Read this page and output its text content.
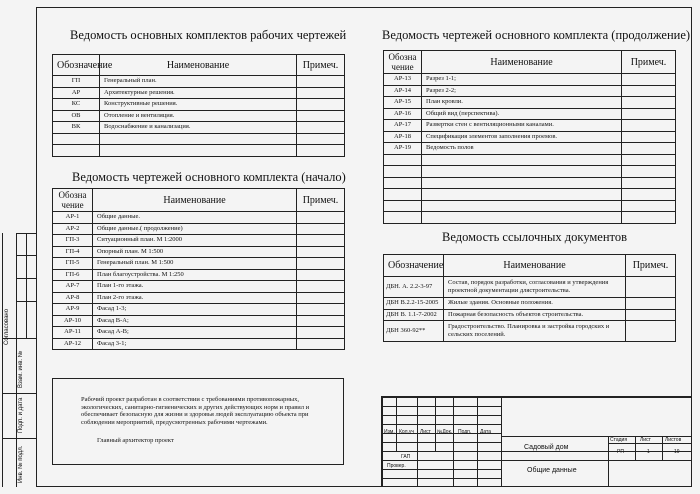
Ведомость основных комплектов рабочих чертежей
Обозначение	Наименование	Примеч.
ГП	Генеральный план.	
АР	Архитектурные решения.	
КС	Конструктивные решения.	
ОВ	Отопление и вентиляция.	
ВК	Водоснабжение и канализация.	

Ведомость чертежей основного комплекта (начало)
Обозна чение	Наименование	Примеч.
АР-1	Общие данные.	
АР-2	Общие данные.( продолжение)	
ГП-3	Ситуационный план. М 1:2000	
ГП-4	Опорный план. М 1:500	
ГП-5	Генеральный план. М 1:500	
ГП-6	План благоустройства. М 1:250	
АР-7	План 1-го этажа.	
АР-8	План 2-го этажа.	
АР-9	Фасад 1-3;	
АР-10	Фасад В-А;	
АР-11	Фасад А-В;	
АР-12	Фасад 3-1;	
Рабочий проект разработан в соответствии с требованиями противопожарных, экологических, санитарно-гигиенических и других действующих норм и правил и обеспечивает безопасную для жизни и здоровья людей эксплуатацию объекта при соблюдении мероприятий, предусмотренных рабочими чертежами.
Главный архитектор проект
Ведомость чертежей основного комплекта (продолжение)
Обозна чение	Наименование	Примеч.
АР-13	Разрез 1-1;	
АР-14	Разрез 2-2;	
АР-15	План кровли.	
АР-16	Общий вид (перспектива).	
АР-17	Развертки стен с вентиляционными каналами.	
АР-18	Спецификация элементов заполнения проемов.	
АР-19	Ведомость полов	

Ведомость ссылочных документов
Обозначение	Наименование	Примеч.
ДБН. А. 2.2-3-97	Состав, порядок разработки, согласования и утверждения проектной документации длястроительства.	
ДБН В.2.2-15-2005	Жилые здания. Основные положения.	
ДБН В. 1.1-7-2002	Пожарная безопасность объектов строительства.	
ДБН 360-92**	Градостроительство. Планировка и застройка городских и сельских поселений.	
Согласовано
Взам. инв. №
Подп. и дата
Инв. № подл.
Изм. Кол.уч Лист №Док. Подп. Дата
ГАП
Провер.
Садовый дом
Общие данные
Стадия	Лист	Листов
РП	1	19
